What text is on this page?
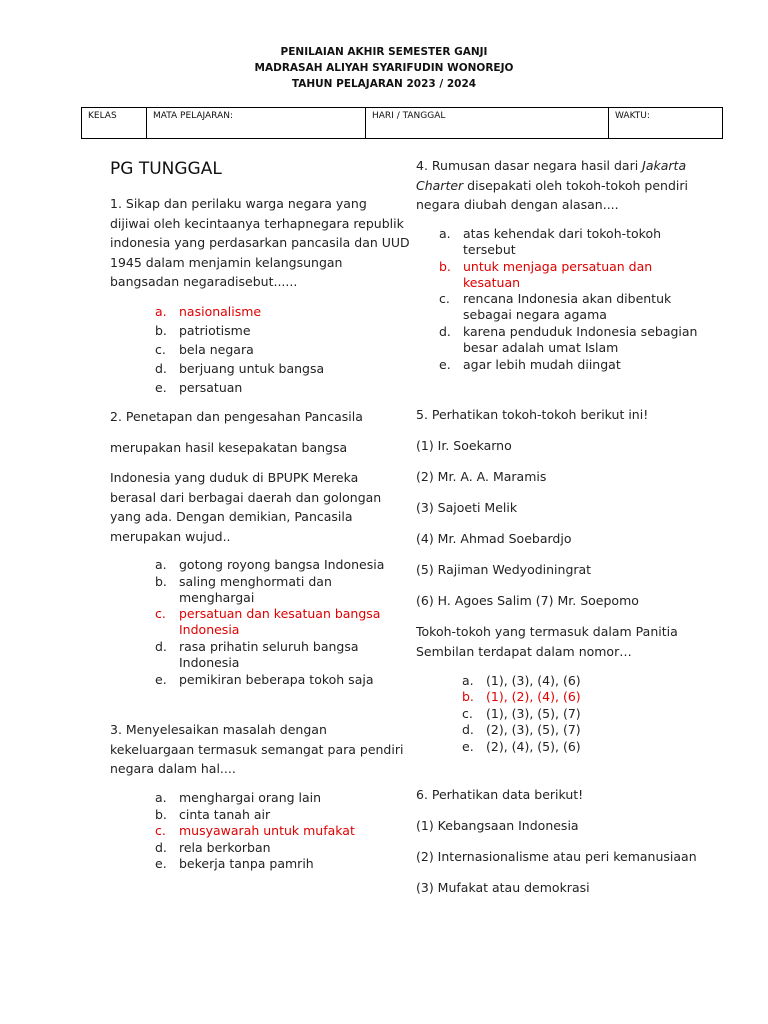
PENILAIAN AKHIR SEMESTER GANJI
MADRASAH ALIYAH SYARIFUDIN WONOREJO
TAHUN PELAJARAN 2023 / 2024
KELAS	MATA PELAJARAN:	HARI / TANGGAL	WAKTU:
PG TUNGGAL
1. Sikap dan perilaku warga negara yang
dijiwai oleh kecintaanya terhapnegara republik
indonesia yang perdasarkan pancasila dan UUD
1945 dalam menjamin kelangsungan
bangsadan negaradisebut......
a. nasionalisme
b. patriotisme
c. bela negara
d. berjuang untuk bangsa
e. persatuan
2. Penetapan dan pengesahan Pancasila
merupakan hasil kesepakatan bangsa
Indonesia yang duduk di BPUPK Mereka
berasal dari berbagai daerah dan golongan
yang ada. Dengan demikian, Pancasila
merupakan wujud..
a. gotong royong bangsa Indonesia
b. saling menghormati dan
menghargai
c. persatuan dan kesatuan bangsa
Indonesia
d. rasa prihatin seluruh bangsa
Indonesia
e. pemikiran beberapa tokoh saja
3. Menyelesaikan masalah dengan
kekeluargaan termasuk semangat para pendiri
negara dalam hal....
a. menghargai orang lain
b. cinta tanah air
c. musyawarah untuk mufakat
d. rela berkorban
e. bekerja tanpa pamrih
4. Rumusan dasar negara hasil dari Jakarta
Charter disepakati oleh tokoh-tokoh pendiri
negara diubah dengan alasan....
a. atas kehendak dari tokoh-tokoh
tersebut
b. untuk menjaga persatuan dan
kesatuan
c. rencana Indonesia akan dibentuk
sebagai negara agama
d. karena penduduk Indonesia sebagian
besar adalah umat Islam
e. agar lebih mudah diingat
5. Perhatikan tokoh-tokoh berikut ini!
(1) Ir. Soekarno
(2) Mr. A. A. Maramis
(3) Sajoeti Melik
(4) Mr. Ahmad Soebardjo
(5) Rajiman Wedyodiningrat
(6) H. Agoes Salim (7) Mr. Soepomo
Tokoh-tokoh yang termasuk dalam Panitia
Sembilan terdapat dalam nomor…
a. (1), (3), (4), (6)
b. (1), (2), (4), (6)
c. (1), (3), (5), (7)
d. (2), (3), (5), (7)
e. (2), (4), (5), (6)
6. Perhatikan data berikut!
(1) Kebangsaan Indonesia
(2) Internasionalisme atau peri kemanusiaan
(3) Mufakat atau demokrasi
